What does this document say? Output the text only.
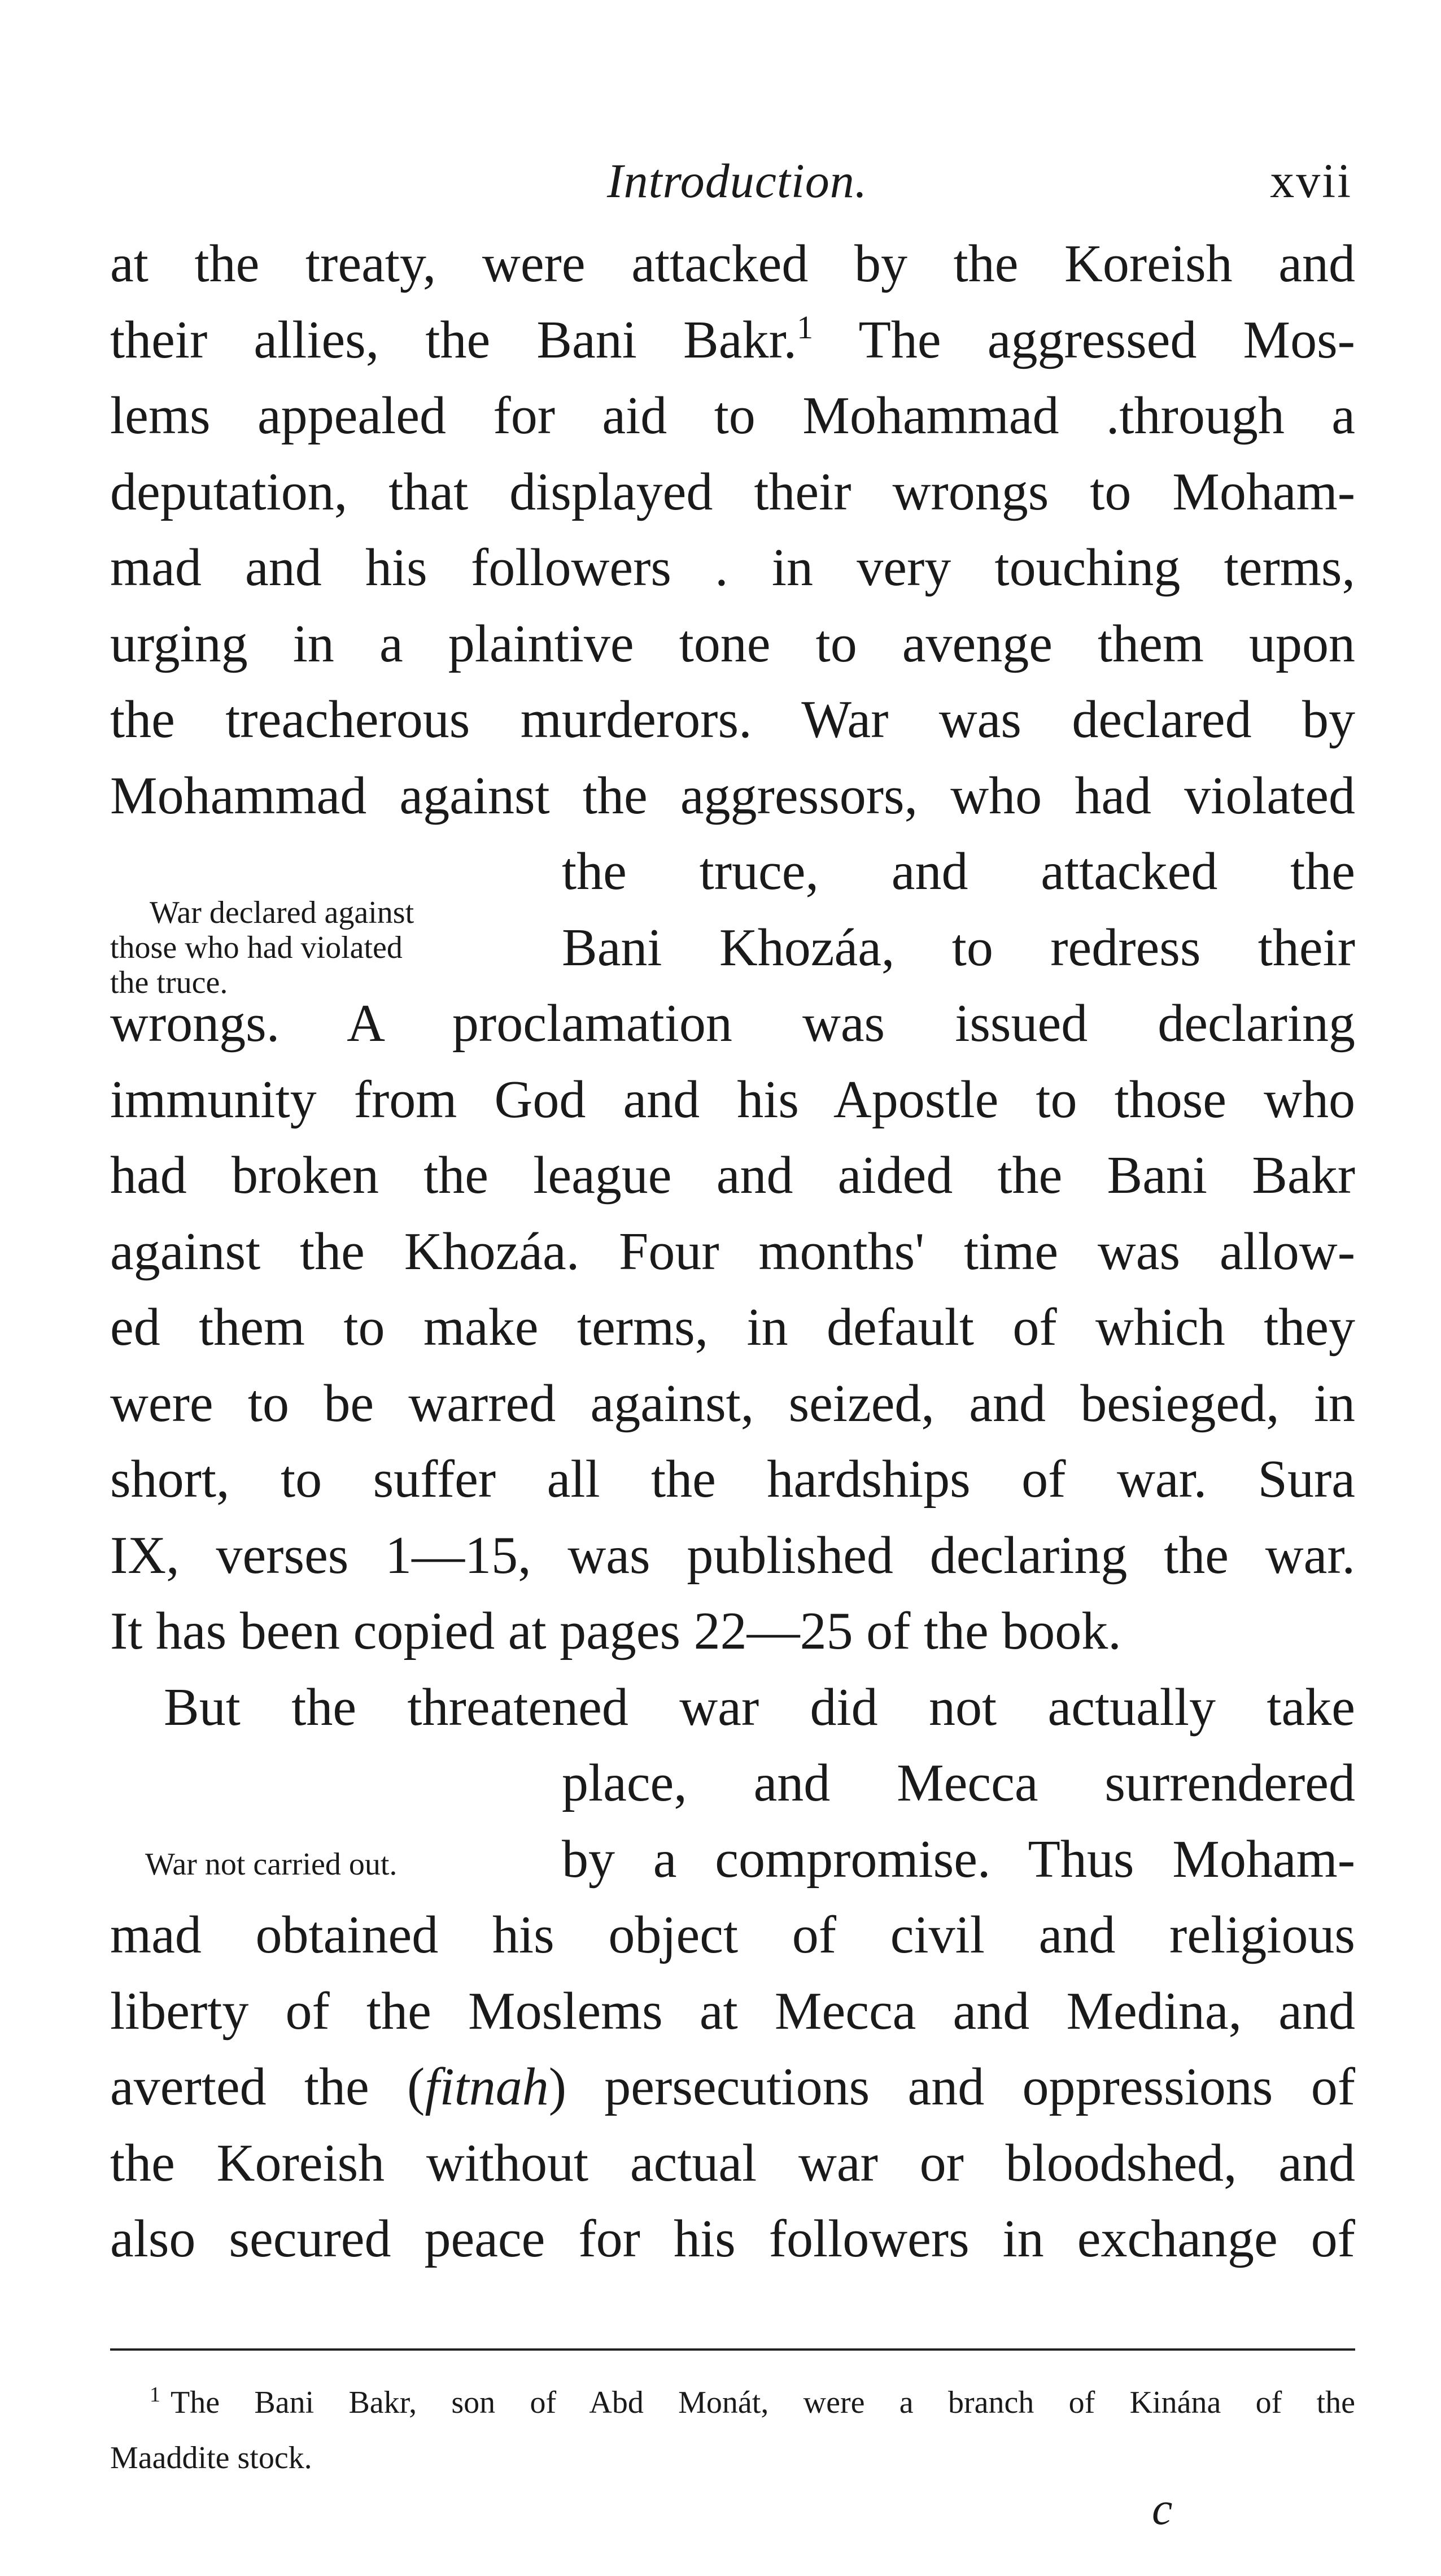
Introduction.	xvii
at the treaty, were attacked by the Koreish and
their allies, the Bani Bakr.$^1$ The aggressed Mos-
lems appealed for aid to Mohammad .through a
deputation, that displayed their wrongs to Moham-
mad and his followers . in very touching terms,
urging in a plaintive tone to avenge them upon
the treacherous murderors. War was declared by
Mohammad against the aggressors, who had violated
the truce, and attacked the
Bani Khozáa, to redress their
wrongs. A proclamation was issued declaring
immunity from God and his Apostle to those who
had broken the league and aided the Bani Bakr
against the Khozáa. Four months' time was allow-
ed them to make terms, in default of which they
were to be warred against, seized, and besieged, in
short, to suffer all the hardships of war. Sura
IX, verses 1—15, was published declaring the war.
It has been copied at pages 22—25 of the book.
But the threatened war did not actually take
place, and Mecca surrendered
by a compromise. Thus Moham-
mad obtained his object of civil and religious
liberty of the Moslems at Mecca and Medina, and
averted the (fitnah) persecutions and oppressions of
the Koreish without actual war or bloodshed, and
also secured peace for his followers in exchange of
War declared against
those who had violated
the truce.
War not carried out.
$^1$ The Bani Bakr, son of Abd Monát, were a branch of Kinána of the
Maaddite stock.
c
